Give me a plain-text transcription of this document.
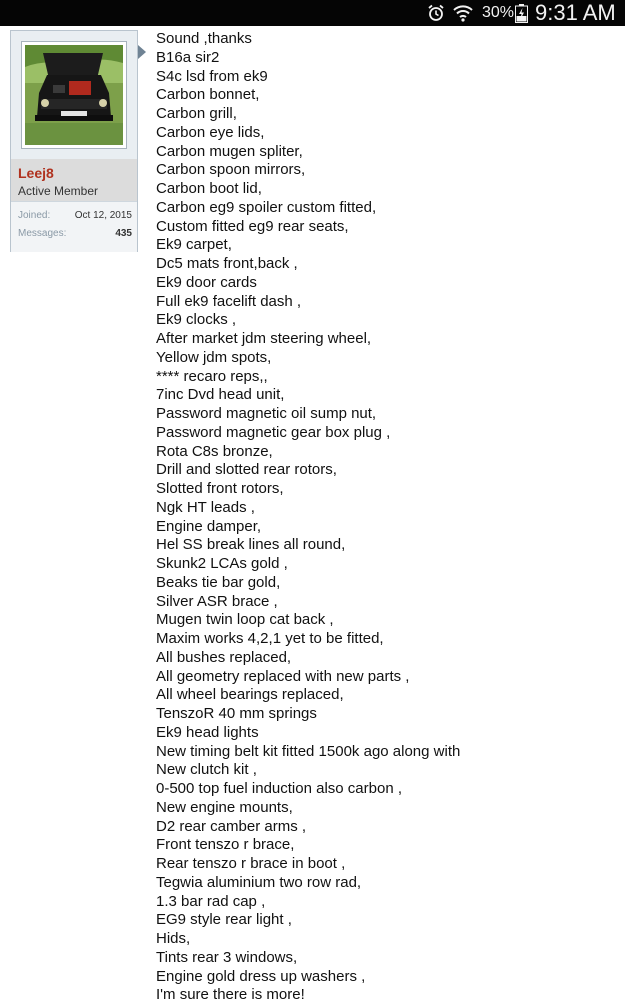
30% 9:31 AM
Leej8
Active Member
Joined: Oct 12, 2015
Messages:	435
Sound ,thanks
B16a sir2
S4c lsd from ek9
Carbon bonnet,
Carbon grill,
Carbon eye lids,
Carbon mugen spliter,
Carbon spoon mirrors,
Carbon boot lid,
Carbon eg9 spoiler custom fitted,
Custom fitted eg9 rear seats,
Ek9 carpet,
Dc5 mats front,back ,
Ek9 door cards
Full ek9 facelift dash ,
Ek9 clocks ,
After market jdm steering wheel,
Yellow jdm spots,
**** recaro reps,,
7inc Dvd head unit,
Password magnetic oil sump nut,
Password magnetic gear box plug ,
Rota C8s bronze,
Drill and slotted rear rotors,
Slotted front rotors,
Ngk HT leads ,
Engine damper,
Hel SS break lines all round,
Skunk2 LCAs gold ,
Beaks tie bar gold,
Silver ASR brace ,
Mugen twin loop cat back ,
Maxim works 4,2,1 yet to be fitted,
All bushes replaced,
All geometry replaced with new parts ,
All wheel bearings replaced,
TenszoR 40 mm springs
Ek9 head lights
New timing belt kit fitted 1500k ago along with
New clutch kit ,
0-500 top fuel induction also carbon ,
New engine mounts,
D2 rear camber arms ,
Front tenszo r brace,
Rear tenszo r brace in boot ,
Tegwia aluminium two row rad,
1.3 bar rad cap ,
EG9 style rear light ,
Hids,
Tints rear 3 windows,
Engine gold dress up washers ,
I'm sure there is more!
